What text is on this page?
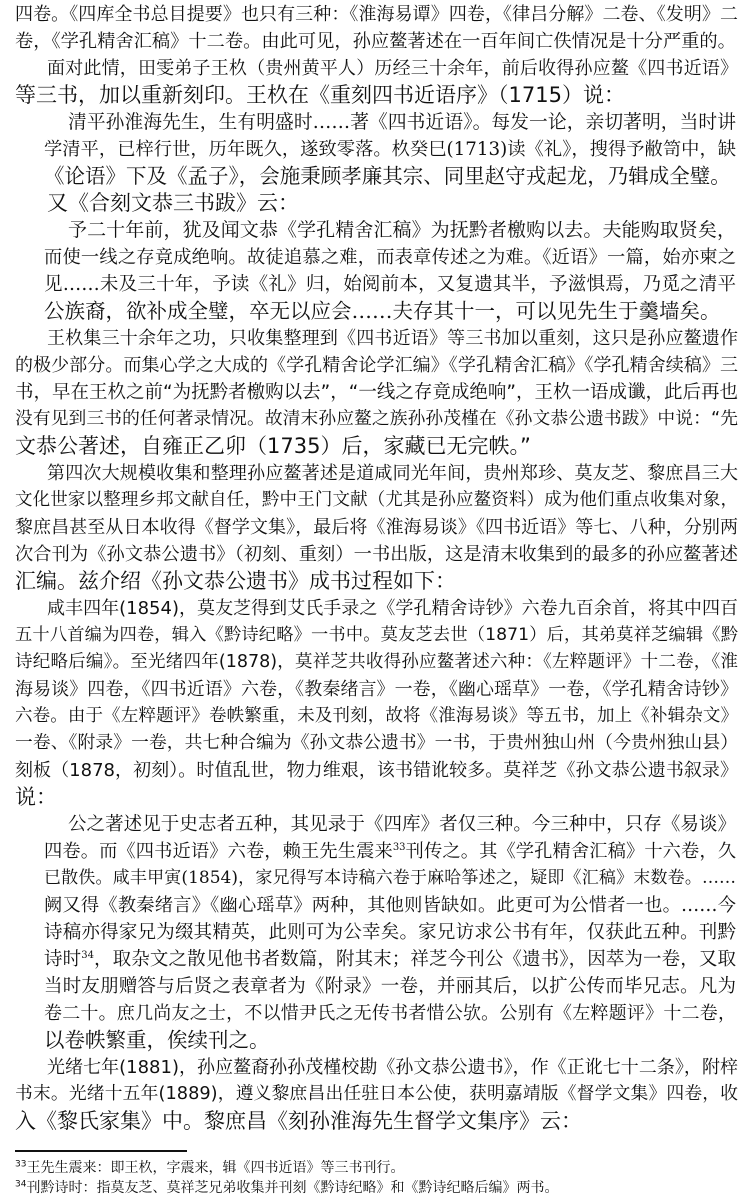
四卷。《四库全书总目提要》也只有三种：《淮海易谭》四卷，《律吕分解》二卷、《发明》二
卷，《学孔精舍汇稿》十二卷。由此可见，孙应鳌著述在一百年间亡佚情况是十分严重的。
面对此情，田雯弟子王杦（贵州黄平人）历经三十余年，前后收得孙应鳌《四书近语》
等三书，加以重新刻印。王杦在《重刻四书近语序》（1715）说：
清平孙淮海先生，生有明盛时……著《四书近语》。每发一论，亲切著明，当时讲
学清平，已梓行世，历年既久，遂致零落。杦癸巳(1713)读《礼》，搜得予敝笥中，缺
《论语》下及《孟子》，会施秉顾孝廉其宗、同里赵守戎起龙，乃辑成全璧。
又《合刻文恭三书跋》云：
予二十年前，犹及闻文恭《学孔精舍汇稿》为抚黔者檄购以去。夫能购取贤矣，
而使一线之存竟成绝响。故徒追慕之难，而表章传述之为难。《近语》一篇，始亦柬之
见……未及三十年，予读《礼》归，始阅前本，又复遗其半，予滋惧焉，乃觅之清平
公族裔，欲补成全璧，卒无以应会……夫存其十一，可以见先生于羹墙矣。
王杦集三十余年之功，只收集整理到《四书近语》等三书加以重刻，这只是孙应鳌遗作
的极少部分。而集心学之大成的《学孔精舍论学汇编》《学孔精舍汇稿》《学孔精舍续稿》三
书，早在王杦之前“为抚黔者檄购以去”，“一线之存竟成绝响”，王杦一语成谶，此后再也
没有见到三书的任何著录情况。故清末孙应鳌之族孙孙茂槿在《孙文恭公遗书跋》中说：“先
文恭公著述，自雍正乙卯（1735）后，家藏已无完帙。”
第四次大规模收集和整理孙应鳌著述是道咸同光年间，贵州郑珍、莫友芝、黎庶昌三大
文化世家以整理乡邦文献自任，黔中王门文献（尤其是孙应鳌资料）成为他们重点收集对象，
黎庶昌甚至从日本收得《督学文集》，最后将《淮海易谈》《四书近语》等七、八种，分别两
次合刊为《孙文恭公遗书》（初刻、重刻）一书出版，这是清末收集到的最多的孙应鳌著述
汇编。兹介绍《孙文恭公遗书》成书过程如下：
咸丰四年(1854)，莫友芝得到艾氏手录之《学孔精舍诗钞》六卷九百余首，将其中四百
五十八首编为四卷，辑入《黔诗纪略》一书中。莫友芝去世（1871）后，其弟莫祥芝编辑《黔
诗纪略后编》。至光绪四年(1878)，莫祥芝共收得孙应鳌著述六种：《左粹题评》十二卷，《淮
海易谈》四卷，《四书近语》六卷，《教秦绪言》一卷，《幽心瑶草》一卷，《学孔精舍诗钞》
六卷。由于《左粹题评》卷帙繁重，未及刊刻，故将《淮海易谈》等五书，加上《补辑杂文》
一卷、《附录》一卷，共七种合编为《孙文恭公遗书》一书，于贵州独山州（今贵州独山县）
刻板（1878，初刻）。时值乱世，物力维艰，该书错讹较多。莫祥芝《孙文恭公遗书叙录》
说：
公之著述见于史志者五种，其见录于《四库》者仅三种。今三种中，只存《易谈》
四卷。而《四书近语》六卷，赖王先生震来$^{33}$刊传之。其《学孔精舍汇稿》十六卷，久
已散佚。咸丰甲寅(1854)，家兄得写本诗稿六卷于麻哈筝述之，疑即《汇稿》末数卷。……
阙又得《教秦绪言》《幽心瑶草》两种，其他则皆缺如。此更可为公惜者一也。……今
诗稿亦得家兄为缀其精英，此则可为公幸矣。家兄访求公书有年，仅获此五种。刊黔
诗时$^{34}$，取杂文之散见他书者数篇，附其末；祥芝今刊公《遗书》，因萃为一卷，又取
当时友朋赠答与后贤之表章者为《附录》一卷，并丽其后，以扩公传而毕兄志。凡为
卷二十。庶几尚友之士，不以惜尹氏之无传书者惜公欤。公别有《左粹题评》十二卷，
以卷帙繁重，俟续刊之。
光绪七年(1881)，孙应鳌裔孙孙茂槿校勘《孙文恭公遗书》，作《正讹七十二条》，附梓
书末。光绪十五年(1889)，遵义黎庶昌出任驻日本公使，获明嘉靖版《督学文集》四卷，收
入《黎氏家集》中。黎庶昌《刻孙淮海先生督学文集序》云：
$^{33}$王先生震来：即王杦，字震来，辑《四书近语》等三书刊行。
$^{34}$刊黔诗时：指莫友芝、莫祥芝兄弟收集并刊刻《黔诗纪略》和《黔诗纪略后编》两书。
